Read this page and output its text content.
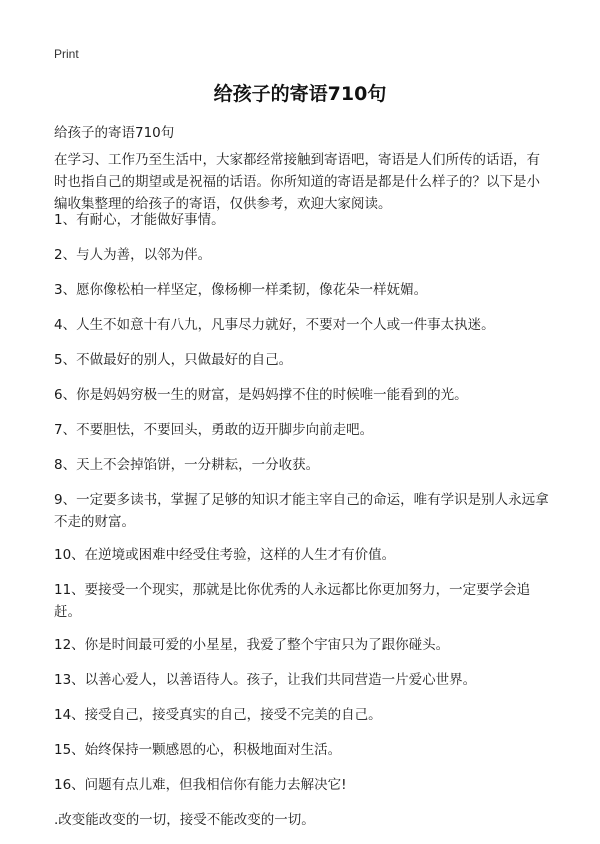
Print
给孩子的寄语710句

给孩子的寄语710句

在学习、工作乃至生活中，大家都经常接触到寄语吧，寄语是人们所传的话语，有时也指自己的期望或是祝福的话语。你所知道的寄语是都是什么样子的？以下是小编收集整理的给孩子的寄语，仅供参考，欢迎大家阅读。

1、有耐心，才能做好事情。
2、与人为善，以邻为伴。
3、愿你像松柏一样坚定，像杨柳一样柔韧，像花朵一样妩媚。
4、人生不如意十有八九，凡事尽力就好，不要对一个人或一件事太执迷。
5、不做最好的别人，只做最好的自己。
6、你是妈妈穷极一生的财富，是妈妈撑不住的时候唯一能看到的光。
7、不要胆怯，不要回头，勇敢的迈开脚步向前走吧。
8、天上不会掉馅饼，一分耕耘，一分收获。
9、一定要多读书，掌握了足够的知识才能主宰自己的命运，唯有学识是别人永远拿不走的财富。
10、在逆境或困难中经受住考验，这样的人生才有价值。
11、要接受一个现实，那就是比你优秀的人永远都比你更加努力，一定要学会追赶。
12、你是时间最可爱的小星星，我爱了整个宇宙只为了跟你碰头。
13、以善心爱人，以善语待人。孩子，让我们共同营造一片爱心世界。
14、接受自己，接受真实的自己，接受不完美的自己。
15、始终保持一颗感恩的心，积极地面对生活。
16、问题有点儿难，但我相信你有能力去解决它!
.改变能改变的一切，接受不能改变的一切。
